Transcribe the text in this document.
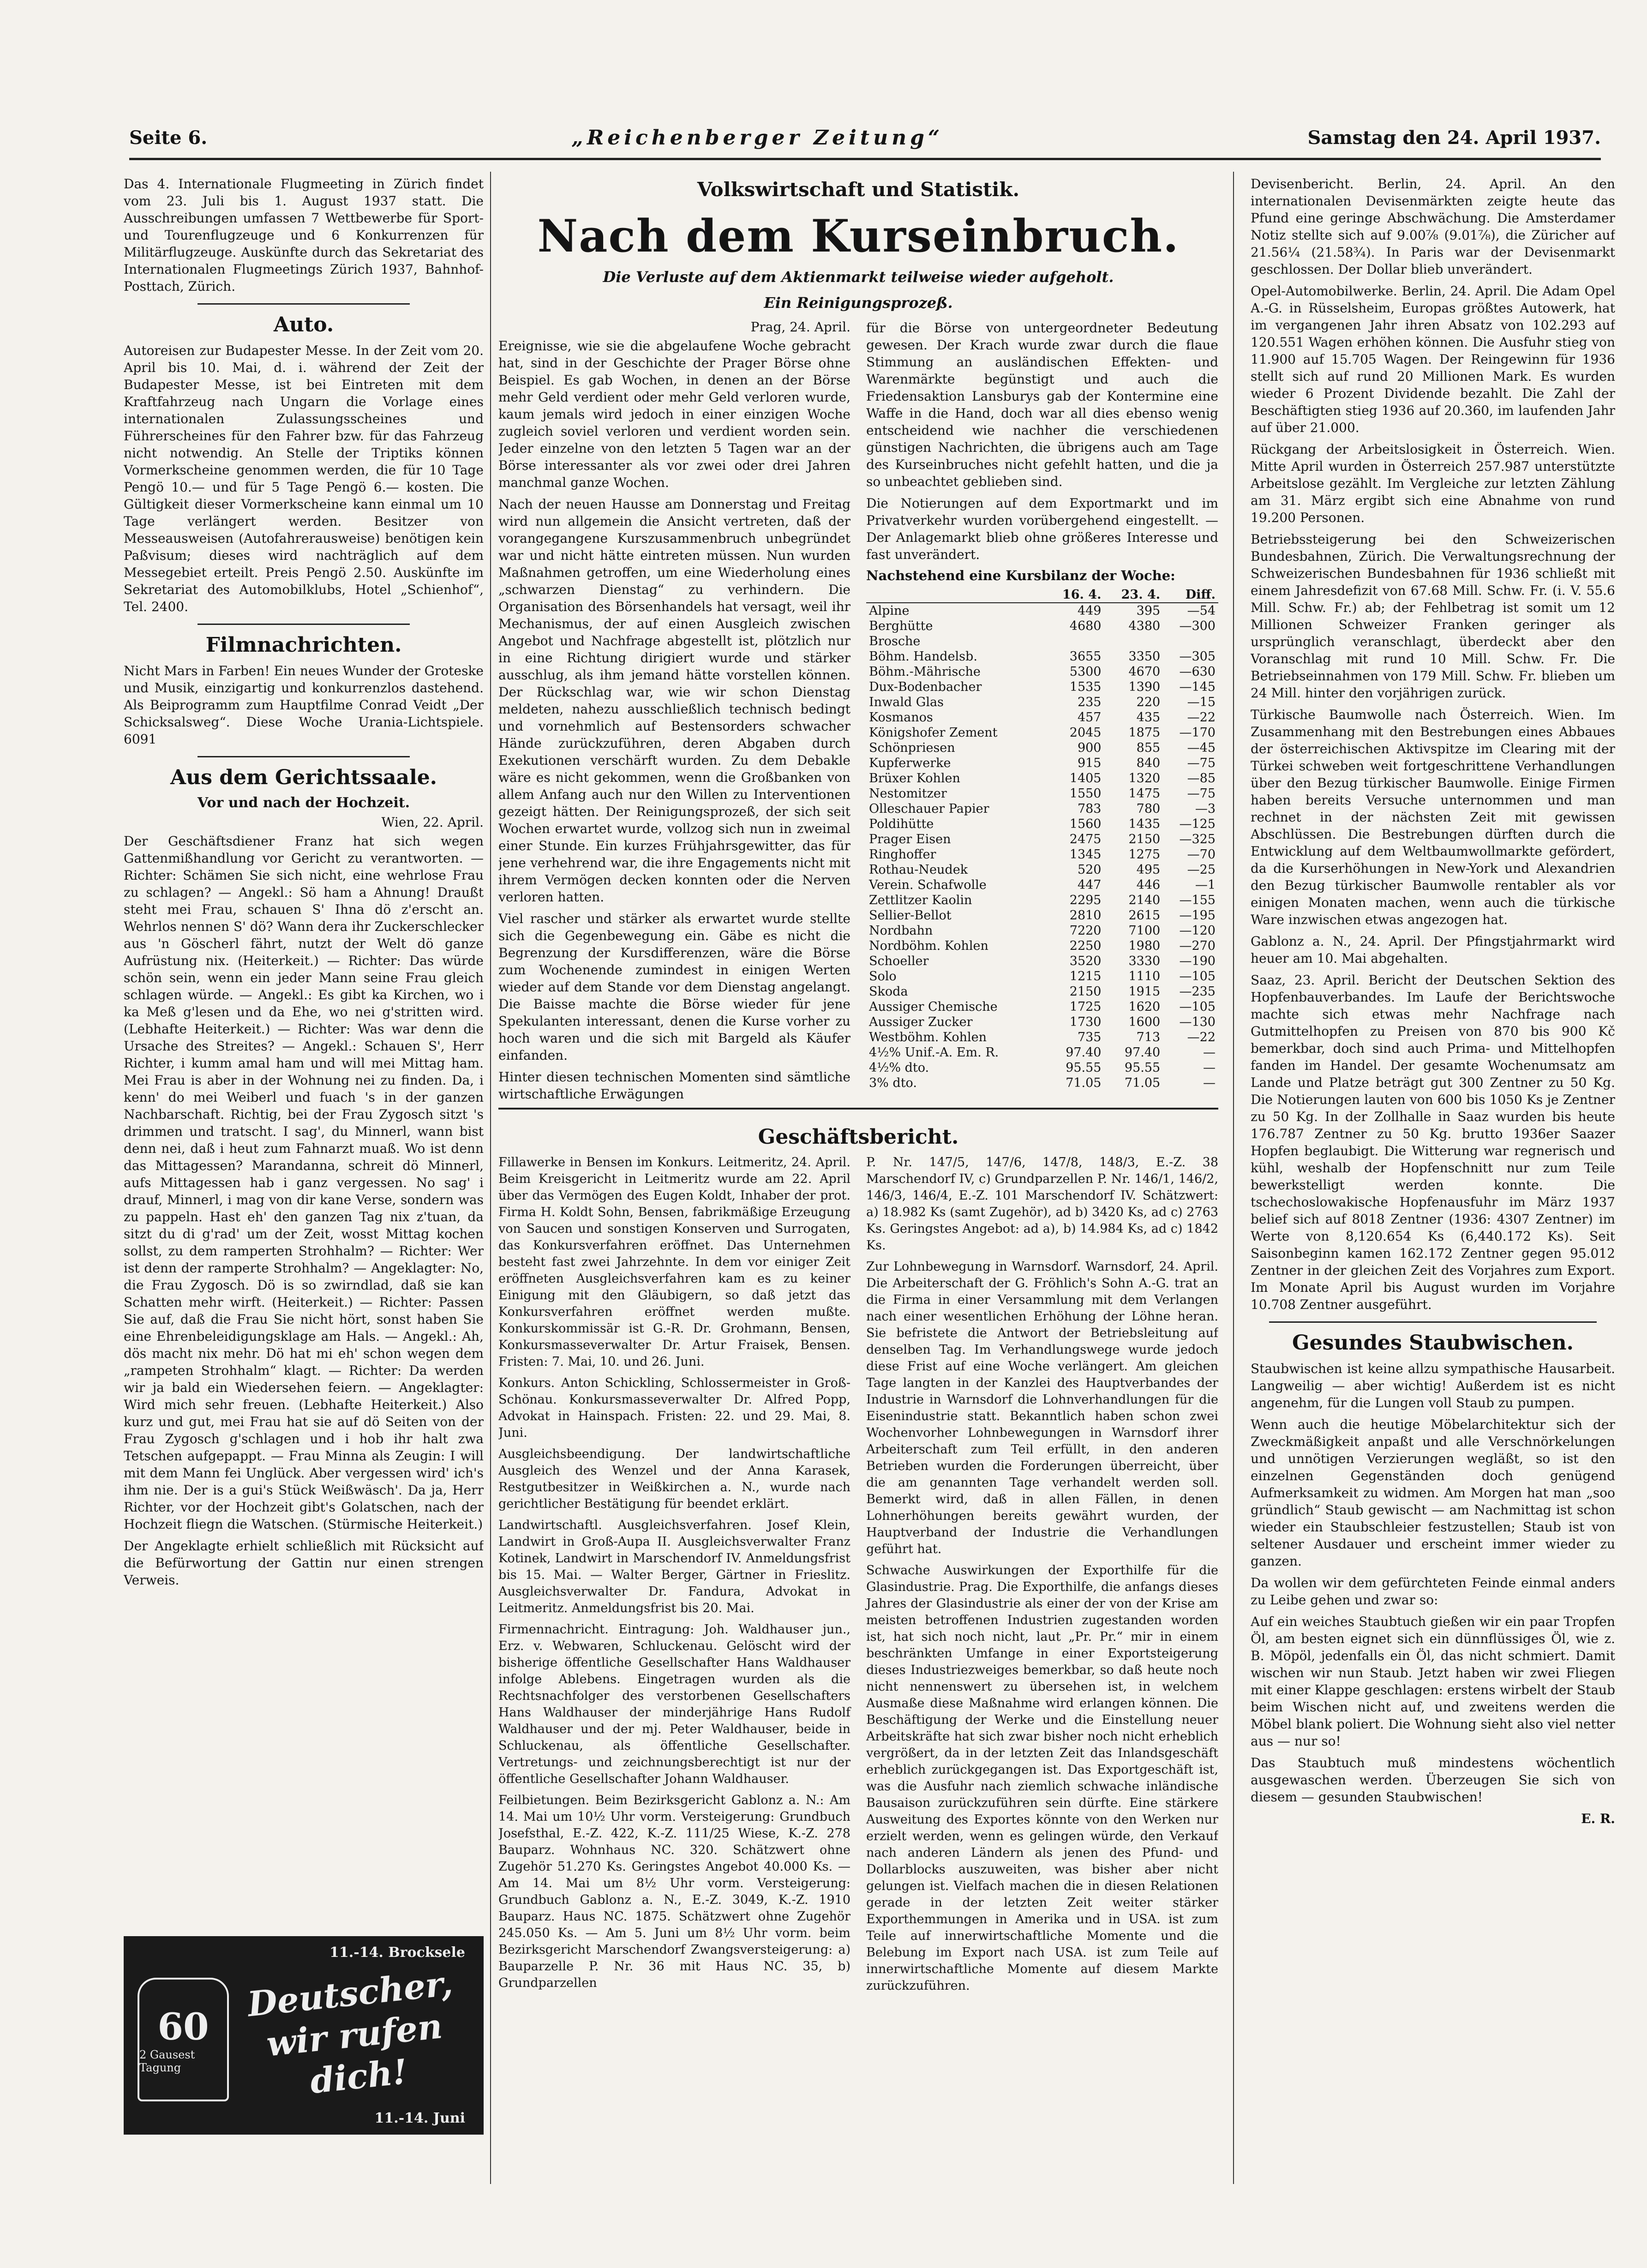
Seite 6.	„Reichenberger Zeitung“	Samstag den 24. April 1937.

Das 4. Internationale Flugmeeting in Zürich findet vom 23. Juli bis 1. August 1937 statt. Die Ausschreibungen umfassen 7 Wettbewerbe für Sport- und Tourenflugzeuge und 6 Konkurrenzen für Militärflugzeuge. Auskünfte durch das Sekretariat des Internationalen Flugmeetings Zürich 1937, Bahnhof-Posttach, Zürich.

Auto.

Autoreisen zur Budapester Messe. In der Zeit vom 20. April bis 10. Mai, d. i. während der Zeit der Budapester Messe, ist bei Eintreten mit dem Kraftfahrzeug nach Ungarn die Vorlage eines internationalen Zulassungsscheines und Führerscheines für den Fahrer bzw. für das Fahrzeug nicht notwendig. An Stelle der Triptiks können Vormerkscheine genommen werden, die für 10 Tage Pengö 10.— und für 5 Tage Pengö 6.— kosten. Die Gültigkeit dieser Vormerkscheine kann einmal um 10 Tage verlängert werden. Besitzer von Messeausweisen (Autofahrerausweise) benötigen kein Paßvisum; dieses wird nachträglich auf dem Messegebiet erteilt. Preis Pengö 2.50. Auskünfte im Sekretariat des Automobilklubs, Hotel „Schienhof“, Tel. 2400.

Filmnachrichten.

Nicht Mars in Farben! Ein neues Wunder der Groteske und Musik, einzigartig und konkurrenzlos dastehend. Als Beiprogramm zum Hauptfilme Conrad Veidt „Der Schicksalsweg“. Diese Woche Urania-Lichtspiele. 6091

Aus dem Gerichtssaale.
Vor und nach der Hochzeit.
Wien, 22. April.

Der Geschäftsdiener Franz hat sich wegen Gattenmißhandlung vor Gericht zu verantworten. — Richter: Schämen Sie sich nicht, eine wehrlose Frau zu schlagen? — Angekl.: Sö ham a Ahnung! Draußt steht mei Frau, schauen S' Ihna dö z'erscht an. Wehrlos nennen S' dö? Wann dera ihr Zuckerschlecker aus 'n Göscherl fährt, nutzt der Welt dö ganze Aufrüstung nix. (Heiterkeit.) — Richter: Das würde schön sein, wenn ein jeder Mann seine Frau gleich schlagen würde. — Angekl.: Es gibt ka Kirchen, wo i ka Meß g'lesen und da Ehe, wo nei g'stritten wird. (Lebhafte Heiterkeit.) — Richter: Was war denn die Ursache des Streites? — Angekl.: Schauen S', Herr Richter, i kumm amal ham und will mei Mittag ham. Mei Frau is aber in der Wohnung nei zu finden. Da, i kenn' do mei Weiberl und fuach 's in der ganzen Nachbarschaft. Richtig, bei der Frau Zygosch sitzt 's drimmen und tratscht. I sag', du Minnerl, wann bist denn nei, daß i heut zum Fahnarzt muaß. Wo ist denn das Mittagessen? Marandanna, schreit dö Minnerl, aufs Mittagessen hab i ganz vergessen. No sag' i drauf, Minnerl, i mag von dir kane Verse, sondern was zu pappeln. Hast eh' den ganzen Tag nix z'tuan, da sitzt du di g'rad' um der Zeit, wosst Mittag kochen sollst, zu dem ramperten Strohhalm? — Richter: Wer ist denn der ramperte Strohhalm? — Angeklagter: No, die Frau Zygosch. Dö is so zwirndlad, daß sie kan Schatten mehr wirft. (Heiterkeit.) — Richter: Passen Sie auf, daß die Frau Sie nicht hört, sonst haben Sie eine Ehrenbeleidigungsklage am Hals. — Angekl.: Ah, dös macht nix mehr. Dö hat mi eh' schon wegen dem „rampeten Strohhalm“ klagt. — Richter: Da werden wir ja bald ein Wiedersehen feiern. — Angeklagter: Wird mich sehr freuen. (Lebhafte Heiterkeit.) Also kurz und gut, mei Frau hat sie auf dö Seiten von der Frau Zygosch g'schlagen und i hob ihr halt zwa Tetschen aufgepappt. — Frau Minna als Zeugin: I will mit dem Mann fei Unglück. Aber vergessen wird' ich's ihm nie. Der is a gui's Stück Weißwäsch'. Da ja, Herr Richter, vor der Hochzeit gibt's Golatschen, nach der Hochzeit fliegn die Watschen. (Stürmische Heiterkeit.)

Der Angeklagte erhielt schließlich mit Rücksicht auf die Befürwortung der Gattin nur einen strengen Verweis.

11.-14. Brocksele
60
2 Gausest Tagung
Deutscher, wir rufen dich!
11.-14. Juni
Volkswirtschaft und Statistik.
Nach dem Kurseinbruch.
Die Verluste auf dem Aktienmarkt teilweise wieder aufgeholt.
Ein Reinigungsprozeß.
Prag, 24. April.

Ereignisse, wie sie die abgelaufene Woche gebracht hat, sind in der Geschichte der Prager Börse ohne Beispiel. Es gab Wochen, in denen an der Börse mehr Geld verdient oder mehr Geld verloren wurde, kaum jemals wird jedoch in einer einzigen Woche zugleich soviel verloren und verdient worden sein. Jeder einzelne von den letzten 5 Tagen war an der Börse interessanter als vor zwei oder drei Jahren manchmal ganze Wochen.

Nach der neuen Hausse am Donnerstag und Freitag wird nun allgemein die Ansicht vertreten, daß der vorangegangene Kurszusammenbruch unbegründet war und nicht hätte eintreten müssen. Nun wurden Maßnahmen getroffen, um eine Wiederholung eines „schwarzen Dienstag“ zu verhindern. Die Organisation des Börsenhandels hat versagt, weil ihr Mechanismus, der auf einen Ausgleich zwischen Angebot und Nachfrage abgestellt ist, plötzlich nur in eine Richtung dirigiert wurde und stärker ausschlug, als ihm jemand hätte vorstellen können. Der Rückschlag war, wie wir schon Dienstag meldeten, nahezu ausschließlich technisch bedingt und vornehmlich auf Bestensorders schwacher Hände zurückzuführen, deren Abgaben durch Exekutionen verschärft wurden. Zu dem Debakle wäre es nicht gekommen, wenn die Großbanken von allem Anfang auch nur den Willen zu Interventionen gezeigt hätten. Der Reinigungsprozeß, der sich seit Wochen erwartet wurde, vollzog sich nun in zweimal einer Stunde. Ein kurzes Frühjahrsgewitter, das für jene verhehrend war, die ihre Engagements nicht mit ihrem Vermögen decken konnten oder die Nerven verloren hatten.

Viel rascher und stärker als erwartet wurde stellte sich die Gegenbewegung ein. Gäbe es nicht die Begrenzung der Kursdifferenzen, wäre die Börse zum Wochenende zumindest in einigen Werten wieder auf dem Stande vor dem Dienstag angelangt. Die Baisse machte die Börse wieder für jene Spekulanten interessant, denen die Kurse vorher zu hoch waren und die sich mit Bargeld als Käufer einfanden.

Hinter diesen technischen Momenten sind sämtliche wirtschaftliche Erwägungen

für die Börse von untergeordneter Bedeutung gewesen. Der Krach wurde zwar durch die flaue Stimmung an ausländischen Effekten- und Warenmärkte begünstigt und auch die Friedensaktion Lansburys gab der Kontermine eine Waffe in die Hand, doch war all dies ebenso wenig entscheidend wie nachher die verschiedenen günstigen Nachrichten, die übrigens auch am Tage des Kurseinbruches nicht gefehlt hatten, und die ja so unbeachtet geblieben sind.

Die Notierungen auf dem Exportmarkt und im Privatverkehr wurden vorübergehend eingestellt. — Der Anlagemarkt blieb ohne größeres Interesse und fast unverändert.

Nachstehend eine Kursbilanz der Woche:
	16. 4.	23. 4.	Diff.
Alpine	449	395	—54
Berghütte	4680	4380	—300
Brosche			
Böhm. Handelsb.	3655	3350	—305
Böhm.-Mährische	5300	4670	—630
Dux-Bodenbacher	1535	1390	—145
Inwald Glas	235	220	—15
Kosmanos	457	435	—22
Königshofer Zement	2045	1875	—170
Schönpriesen	900	855	—45
Kupferwerke	915	840	—75
Brüxer Kohlen	1405	1320	—85
Nestomitzer	1550	1475	—75
Olleschauer Papier	783	780	—3
Poldihütte	1560	1435	—125
Prager Eisen	2475	2150	—325
Ringhoffer	1345	1275	—70
Rothau-Neudek	520	495	—25
Verein. Schafwolle	447	446	—1
Zettlitzer Kaolin	2295	2140	—155
Sellier-Bellot	2810	2615	—195
Nordbahn	7220	7100	—120
Nordböhm. Kohlen	2250	1980	—270
Schoeller	3520	3330	—190
Solo	1215	1110	—105
Skoda	2150	1915	—235
Aussiger Chemische	1725	1620	—105
Aussiger Zucker	1730	1600	—130
Westböhm. Kohlen	735	713	—22
4½% Unif.-A. Em. R.	97.40	97.40	—
4½% dto.	95.55	95.55	—
3% dto.	71.05	71.05	—
Geschäftsbericht.

Fillawerke in Bensen im Konkurs. Leitmeritz, 24. April. Beim Kreisgericht in Leitmeritz wurde am 22. April über das Vermögen des Eugen Koldt, Inhaber der prot. Firma H. Koldt Sohn, Bensen, fabrikmäßige Erzeugung von Saucen und sonstigen Konserven und Surrogaten, das Konkursverfahren eröffnet. Das Unternehmen besteht fast zwei Jahrzehnte. In dem vor einiger Zeit eröffneten Ausgleichsverfahren kam es zu keiner Einigung mit den Gläubigern, so daß jetzt das Konkursverfahren eröffnet werden mußte. Konkurskommissär ist G.-R. Dr. Grohmann, Bensen, Konkursmasseverwalter Dr. Artur Fraisek, Bensen. Fristen: 7. Mai, 10. und 26. Juni.

Konkurs. Anton Schickling, Schlossermeister in Groß-Schönau. Konkursmasseverwalter Dr. Alfred Popp, Advokat in Hainspach. Fristen: 22. und 29. Mai, 8. Juni.

Ausgleichsbeendigung. Der landwirtschaftliche Ausgleich des Wenzel und der Anna Karasek, Restgutbesitzer in Weißkirchen a. N., wurde nach gerichtlicher Bestätigung für beendet erklärt.

Landwirtschaftl. Ausgleichsverfahren. Josef Klein, Landwirt in Groß-Aupa II. Ausgleichsverwalter Franz Kotinek, Landwirt in Marschendorf IV. Anmeldungsfrist bis 15. Mai. — Walter Berger, Gärtner in Frieslitz. Ausgleichsverwalter Dr. Fandura, Advokat in Leitmeritz. Anmeldungsfrist bis 20. Mai.

Firmennachricht. Eintragung: Joh. Waldhauser jun., Erz. v. Webwaren, Schluckenau. Gelöscht wird der bisherige öffentliche Gesellschafter Hans Waldhauser infolge Ablebens. Eingetragen wurden als die Rechtsnachfolger des verstorbenen Gesellschafters Hans Waldhauser der minderjährige Hans Rudolf Waldhauser und der mj. Peter Waldhauser, beide in Schluckenau, als öffentliche Gesellschafter. Vertretungs- und zeichnungsberechtigt ist nur der öffentliche Gesellschafter Johann Waldhauser.

Feilbietungen. Beim Bezirksgericht Gablonz a. N.: Am 14. Mai um 10½ Uhr vorm. Versteigerung: Grundbuch Josefsthal, E.-Z. 422, K.-Z. 111/25 Wiese, K.-Z. 278 Bauparz. Wohnhaus NC. 320. Schätzwert ohne Zugehör 51.270 Ks. Geringstes Angebot 40.000 Ks. — Am 14. Mai um 8½ Uhr vorm. Versteigerung: Grundbuch Gablonz a. N., E.-Z. 3049, K.-Z. 1910 Bauparz. Haus NC. 1875. Schätzwert ohne Zugehör 245.050 Ks. — Am 5. Juni um 8½ Uhr vorm. beim Bezirksgericht Marschendorf Zwangsversteigerung: a) Bauparzelle P. Nr. 36 mit Haus NC. 35, b) Grundparzellen

P. Nr. 147/5, 147/6, 147/8, 148/3, E.-Z. 38 Marschendorf IV, c) Grundparzellen P. Nr. 146/1, 146/2, 146/3, 146/4, E.-Z. 101 Marschendorf IV. Schätzwert: a) 18.982 Ks (samt Zugehör), ad b) 3420 Ks, ad c) 2763 Ks. Geringstes Angebot: ad a), b) 14.984 Ks, ad c) 1842 Ks.

Zur Lohnbewegung in Warnsdorf. Warnsdorf, 24. April. Die Arbeiterschaft der G. Fröhlich's Sohn A.-G. trat an die Firma in einer Versammlung mit dem Verlangen nach einer wesentlichen Erhöhung der Löhne heran. Sie befristete die Antwort der Betriebsleitung auf denselben Tag. Im Verhandlungswege wurde jedoch diese Frist auf eine Woche verlängert. Am gleichen Tage langten in der Kanzlei des Hauptverbandes der Industrie in Warnsdorf die Lohnverhandlungen für die Eisenindustrie statt. Bekanntlich haben schon zwei Wochenvorher Lohnbewegungen in Warnsdorf ihrer Arbeiterschaft zum Teil erfüllt, in den anderen Betrieben wurden die Forderungen überreicht, über die am genannten Tage verhandelt werden soll. Bemerkt wird, daß in allen Fällen, in denen Lohnerhöhungen bereits gewährt wurden, der Hauptverband der Industrie die Verhandlungen geführt hat.

Schwache Auswirkungen der Exporthilfe für die Glasindustrie. Prag. Die Exporthilfe, die anfangs dieses Jahres der Glasindustrie als einer der von der Krise am meisten betroffenen Industrien zugestanden worden ist, hat sich noch nicht, laut „Pr. Pr.“ mir in einem beschränkten Umfange in einer Exportsteigerung dieses Industriezweiges bemerkbar, so daß heute noch nicht nennenswert zu übersehen ist, in welchem Ausmaße diese Maßnahme wird erlangen können. Die Beschäftigung der Werke und die Einstellung neuer Arbeitskräfte hat sich zwar bisher noch nicht erheblich vergrößert, da in der letzten Zeit das Inlandsgeschäft erheblich zurückgegangen ist. Das Exportgeschäft ist, was die Ausfuhr nach ziemlich schwache inländische Bausaison zurückzuführen sein dürfte. Eine stärkere Ausweitung des Exportes könnte von den Werken nur erzielt werden, wenn es gelingen würde, den Verkauf nach anderen Ländern als jenen des Pfund- und Dollarblocks auszuweiten, was bisher aber nicht gelungen ist. Vielfach machen die in diesen Relationen gerade in der letzten Zeit weiter stärker Exporthemmungen in Amerika und in USA. ist zum Teile auf innerwirtschaftliche Momente und die Belebung im Export nach USA. ist zum Teile auf innerwirtschaftliche Momente auf diesem Markte zurückzuführen.

Devisenbericht. Berlin, 24. April. An den internationalen Devisenmärkten zeigte heute das Pfund eine geringe Abschwächung. Die Amsterdamer Notiz stellte sich auf 9.00⅞ (9.01⅞), die Züricher auf 21.56¼ (21.58¾). In Paris war der Devisenmarkt geschlossen. Der Dollar blieb unverändert.

Opel-Automobilwerke. Berlin, 24. April. Die Adam Opel A.-G. in Rüsselsheim, Europas größtes Autowerk, hat im vergangenen Jahr ihren Absatz von 102.293 auf 120.551 Wagen erhöhen können. Die Ausfuhr stieg von 11.900 auf 15.705 Wagen. Der Reingewinn für 1936 stellt sich auf rund 20 Millionen Mark. Es wurden wieder 6 Prozent Dividende bezahlt. Die Zahl der Beschäftigten stieg 1936 auf 20.360, im laufenden Jahr auf über 21.000.

Rückgang der Arbeitslosigkeit in Österreich. Wien. Mitte April wurden in Österreich 257.987 unterstützte Arbeitslose gezählt. Im Vergleiche zur letzten Zählung am 31. März ergibt sich eine Abnahme von rund 19.200 Personen.

Betriebssteigerung bei den Schweizerischen Bundesbahnen, Zürich. Die Verwaltungsrechnung der Schweizerischen Bundesbahnen für 1936 schließt mit einem Jahresdefizit von 67.68 Mill. Schw. Fr. (i. V. 55.6 Mill. Schw. Fr.) ab; der Fehlbetrag ist somit um 12 Millionen Schweizer Franken geringer als ursprünglich veranschlagt, überdeckt aber den Voranschlag mit rund 10 Mill. Schw. Fr. Die Betriebseinnahmen von 179 Mill. Schw. Fr. blieben um 24 Mill. hinter den vorjährigen zurück.

Türkische Baumwolle nach Österreich. Wien. Im Zusammenhang mit den Bestrebungen eines Abbaues der österreichischen Aktivspitze im Clearing mit der Türkei schweben weit fortgeschrittene Verhandlungen über den Bezug türkischer Baumwolle. Einige Firmen haben bereits Versuche unternommen und man rechnet in der nächsten Zeit mit gewissen Abschlüssen. Die Bestrebungen dürften durch die Entwicklung auf dem Weltbaumwollmarkte gefördert, da die Kurserhöhungen in New-York und Alexandrien den Bezug türkischer Baumwolle rentabler als vor einigen Monaten machen, wenn auch die türkische Ware inzwischen etwas angezogen hat.

Gablonz a. N., 24. April. Der Pfingstjahrmarkt wird heuer am 10. Mai abgehalten.

Saaz, 23. April. Bericht der Deutschen Sektion des Hopfenbauverbandes. Im Laufe der Berichtswoche machte sich etwas mehr Nachfrage nach Gutmittelhopfen zu Preisen von 870 bis 900 Kč bemerkbar, doch sind auch Prima- und Mittelhopfen fanden im Handel. Der gesamte Wochenumsatz am Lande und Platze beträgt gut 300 Zentner zu 50 Kg. Die Notierungen lauten von 600 bis 1050 Ks je Zentner zu 50 Kg. In der Zollhalle in Saaz wurden bis heute 176.787 Zentner zu 50 Kg. brutto 1936er Saazer Hopfen beglaubigt. Die Witterung war regnerisch und kühl, weshalb der Hopfenschnitt nur zum Teile bewerkstelligt werden konnte. Die tschechoslowakische Hopfenausfuhr im März 1937 belief sich auf 8018 Zentner (1936: 4307 Zentner) im Werte von 8,120.654 Ks (6,440.172 Ks). Seit Saisonbeginn kamen 162.172 Zentner gegen 95.012 Zentner in der gleichen Zeit des Vorjahres zum Export. Im Monate April bis August wurden im Vorjahre 10.708 Zentner ausgeführt.

Gesundes Staubwischen.

Staubwischen ist keine allzu sympathische Hausarbeit. Langweilig — aber wichtig! Außerdem ist es nicht angenehm, für die Lungen voll Staub zu pumpen.

Wenn auch die heutige Möbelarchitektur sich der Zweckmäßigkeit anpaßt und alle Verschnörkelungen und unnötigen Verzierungen wegläßt, so ist den einzelnen Gegenständen doch genügend Aufmerksamkeit zu widmen. Am Morgen hat man „soo gründlich“ Staub gewischt — am Nachmittag ist schon wieder ein Staubschleier festzustellen; Staub ist von seltener Ausdauer und erscheint immer wieder zu ganzen.

Da wollen wir dem gefürchteten Feinde einmal anders zu Leibe gehen und zwar so:

Auf ein weiches Staubtuch gießen wir ein paar Tropfen Öl, am besten eignet sich ein dünnflüssiges Öl, wie z. B. Möpöl, jedenfalls ein Öl, das nicht schmiert. Damit wischen wir nun Staub. Jetzt haben wir zwei Fliegen mit einer Klappe geschlagen: erstens wirbelt der Staub beim Wischen nicht auf, und zweitens werden die Möbel blank poliert. Die Wohnung sieht also viel netter aus — nur so!

Das Staubtuch muß mindestens wöchentlich ausgewaschen werden. Überzeugen Sie sich von diesem — gesunden Staubwischen!

E. R.
